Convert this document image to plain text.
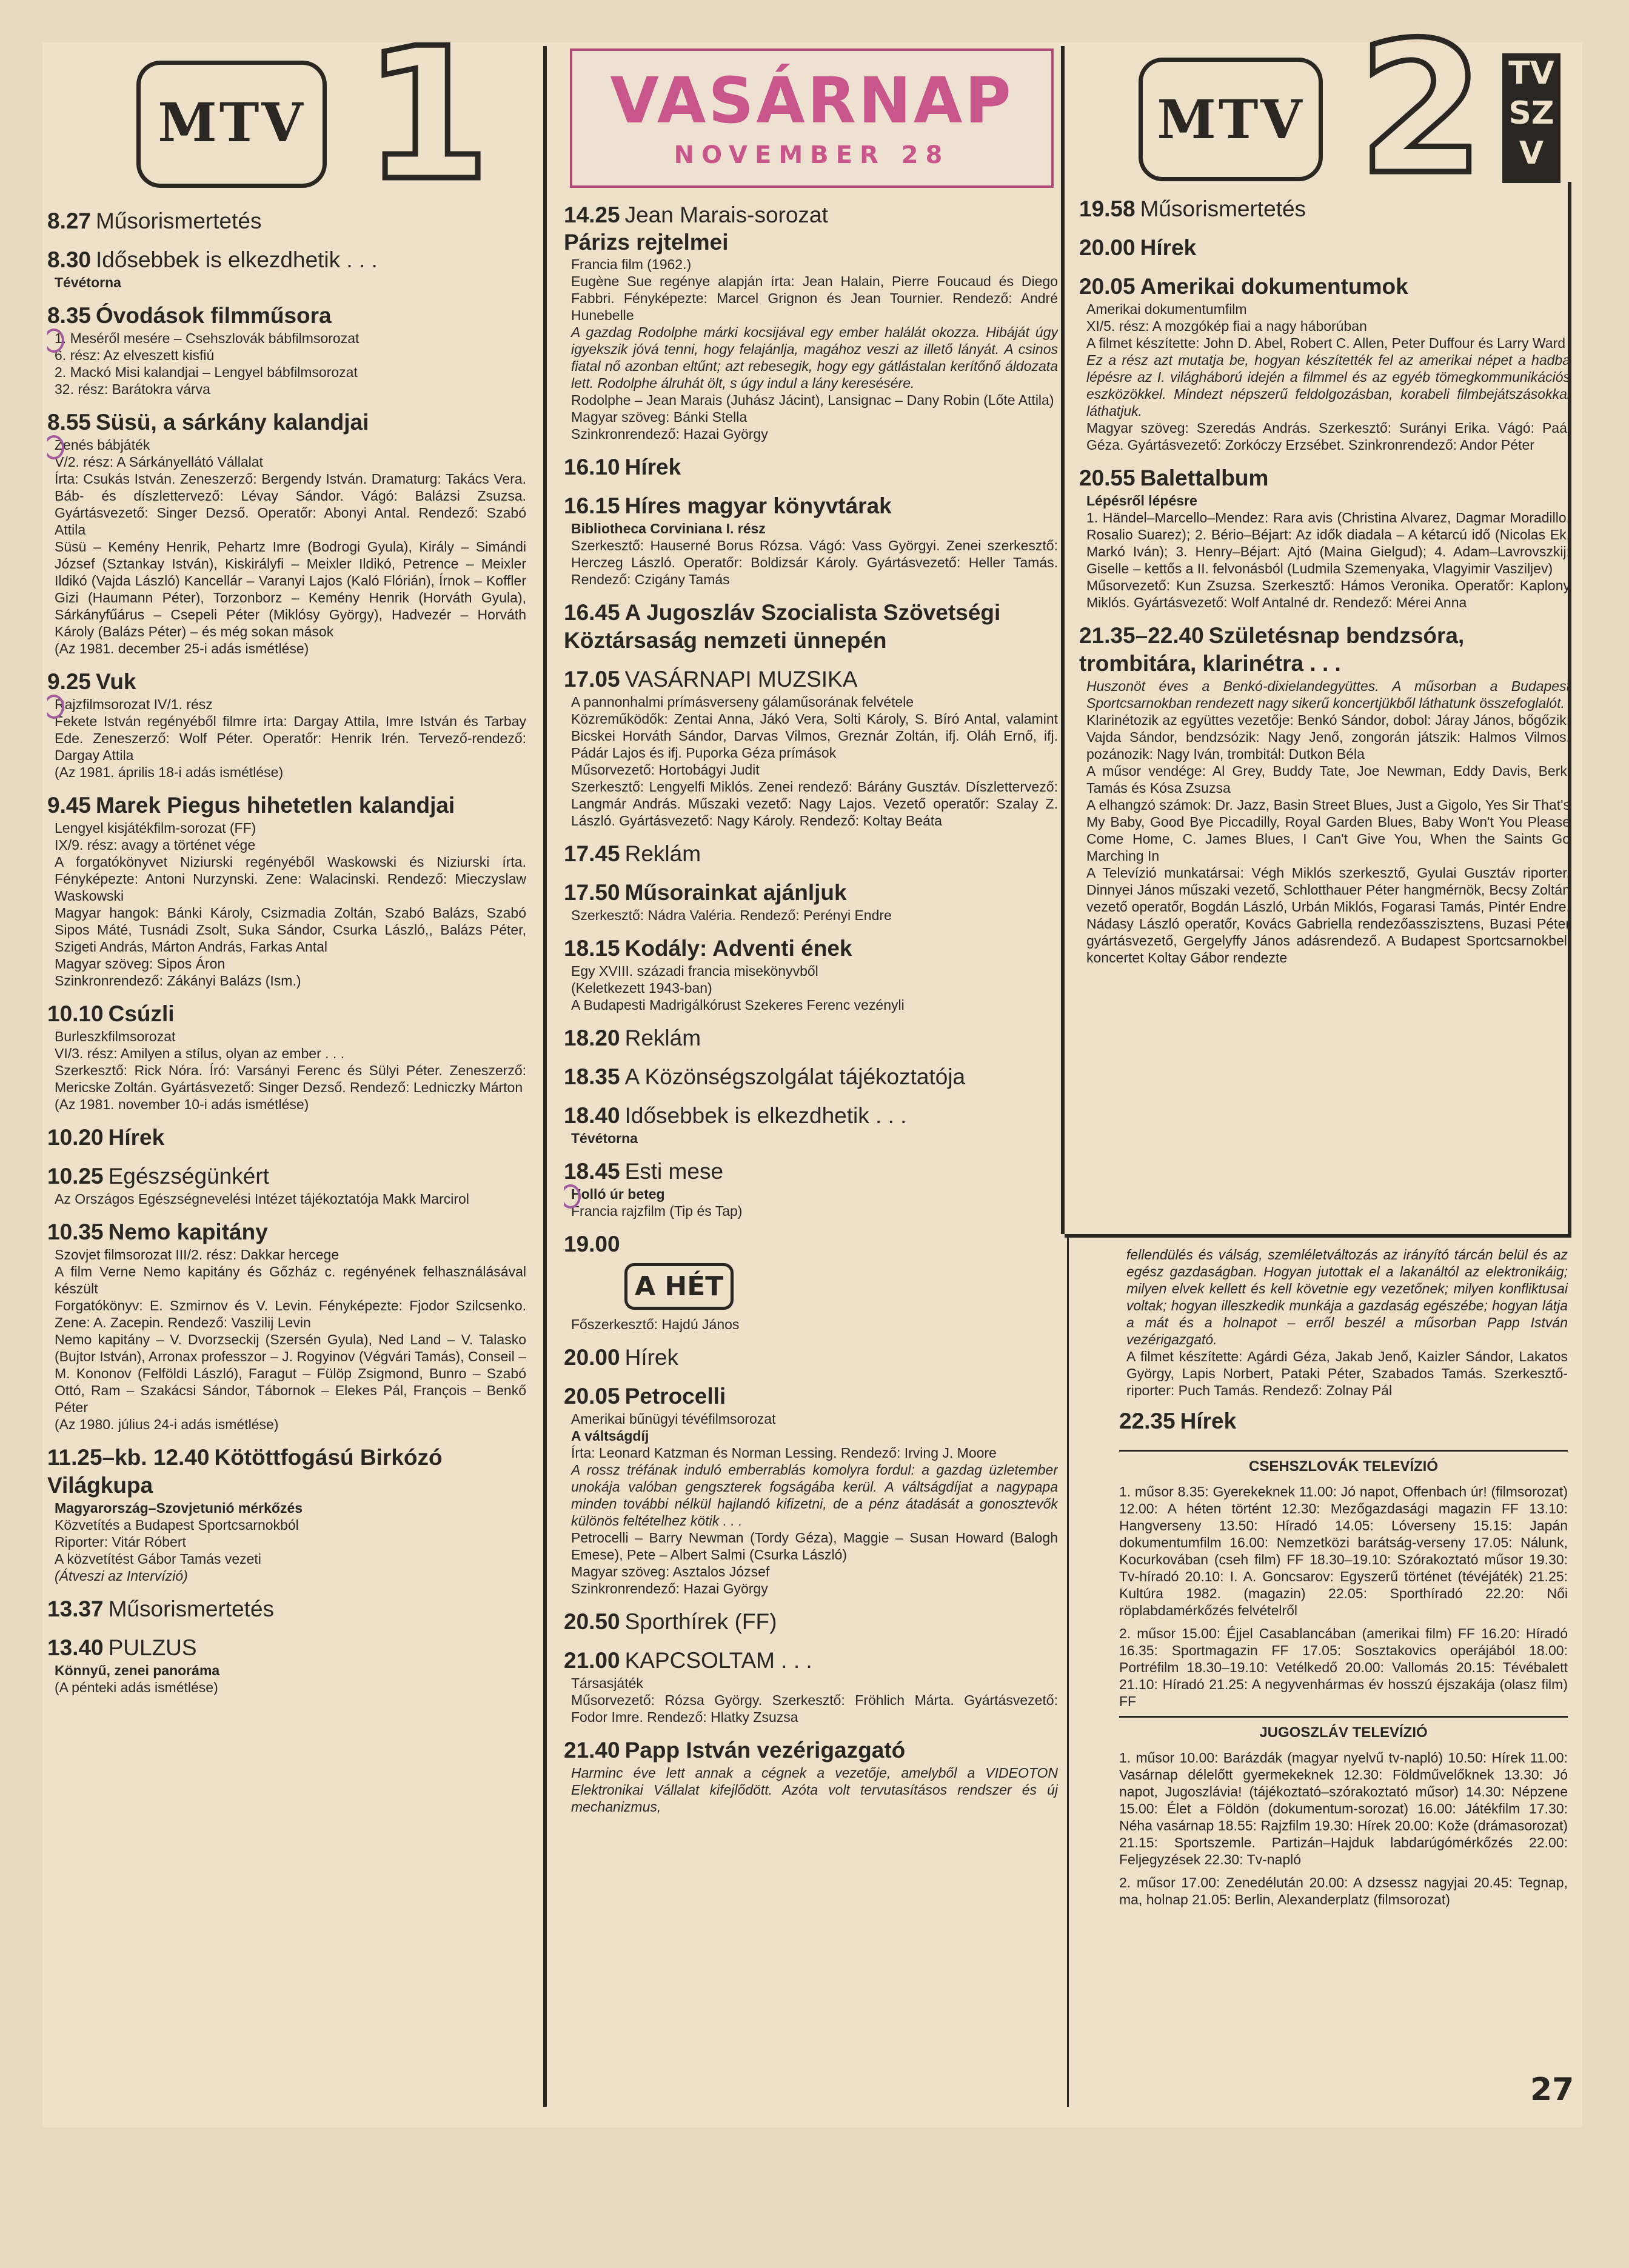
MTV 1	VASÁRNAP
NOVEMBER 28
MTV 2 TV
SZ
V
8.27 Műsorismertetés
8.30 Idősebbek is elkezdhetik . . .
Tévétorna
8.35 Óvodások filmműsora
1. Meséről mesére – Csehszlovák bábfilmsorozat
6. rész: Az elveszett kisfiú
2. Mackó Misi kalandjai – Lengyel bábfilmsorozat
32. rész: Barátokra várva
8.55 Süsü, a sárkány kalandjai
Zenés bábjáték
V/2. rész: A Sárkányellátó Vállalat
Írta: Csukás István. Zeneszerző: Bergendy István. Dramaturg: Takács Vera. Báb- és díszlettervező: Lévay Sándor. Vágó: Balázsi Zsuzsa. Gyártásvezető: Singer Dezső. Operatőr: Abonyi Antal. Rendező: Szabó Attila
Süsü – Kemény Henrik, Pehartz Imre (Bodrogi Gyula), Király – Simándi József (Sztankay István), Kiskirályfi – Meixler Ildikó, Petrence – Meixler Ildikó (Vajda László) Kancellár – Varanyi Lajos (Kaló Flórián), Írnok – Koffler Gizi (Haumann Péter), Torzonborz – Kemény Henrik (Horváth Gyula), Sárkányfűárus – Csepeli Péter (Miklósy György), Hadvezér – Horváth Károly (Balázs Péter) – és még sokan mások
(Az 1981. december 25-i adás ismétlése)
9.25 Vuk
Rajzfilmsorozat IV/1. rész
Fekete István regényéből filmre írta: Dargay Attila, Imre István és Tarbay Ede. Zeneszerző: Wolf Péter. Operatőr: Henrik Irén. Tervező-rendező: Dargay Attila
(Az 1981. április 18-i adás ismétlése)
9.45 Marek Piegus hihetetlen kalandjai
Lengyel kisjátékfilm-sorozat (FF)
IX/9. rész: avagy a történet vége
A forgatókönyvet Niziurski regényéből Waskowski és Niziurski írta. Fényképezte: Antoni Nurzynski. Zene: Walacinski. Rendező: Mieczyslaw Waskowski
Magyar hangok: Bánki Károly, Csizmadia Zoltán, Szabó Balázs, Szabó Sipos Máté, Tusnádi Zsolt, Suka Sándor, Csurka László,, Balázs Péter, Szigeti András, Márton András, Farkas Antal
Magyar szöveg: Sipos Áron
Szinkronrendező: Zákányi Balázs (Ism.)
10.10 Csúzli
Burleszkfilmsorozat
VI/3. rész: Amilyen a stílus, olyan az ember . . .
Szerkesztő: Rick Nóra. Író: Varsányi Ferenc és Sülyi Péter. Zeneszerző: Mericske Zoltán. Gyártásvezető: Singer Dezső. Rendező: Ledniczky Márton
(Az 1981. november 10-i adás ismétlése)
10.20 Hírek
10.25 Egészségünkért
Az Országos Egészségnevelési Intézet tájékoztatója Makk Marcirol
10.35 Nemo kapitány
Szovjet filmsorozat III/2. rész: Dakkar hercege
A film Verne Nemo kapitány és Gőzház c. regényének felhasználásával készült
Forgatókönyv: E. Szmirnov és V. Levin. Fényképezte: Fjodor Szilcsenko. Zene: A. Zacepin. Rendező: Vaszilij Levin
Nemo kapitány – V. Dvorzseckij (Szersén Gyula), Ned Land – V. Talasko (Bujtor István), Arronax professzor – J. Rogyinov (Végvári Tamás), Conseil – M. Kononov (Felföldi László), Faragut – Fülöp Zsigmond, Bunro – Szabó Ottó, Ram – Szakácsi Sándor, Tábornok – Elekes Pál, François – Benkő Péter
(Az 1980. július 24-i adás ismétlése)
11.25–kb. 12.40 Kötöttfogású Birkózó Világkupa
Magyarország–Szovjetunió mérkőzés
Közvetítés a Budapest Sportcsarnokból
Riporter: Vitár Róbert
A közvetítést Gábor Tamás vezeti
(Átveszi az Intervízió)
13.37 Műsorismertetés
13.40 PULZUS
Könnyű, zenei panoráma
(A pénteki adás ismétlése)
14.25 Jean Marais-sorozat
Párizs rejtelmei
Francia film (1962.)
Eugène Sue regénye alapján írta: Jean Halain, Pierre Foucaud és Diego Fabbri. Fényképezte: Marcel Grignon és Jean Tournier. Rendező: André Hunebelle
A gazdag Rodolphe márki kocsijával egy ember halálát okozza. Hibáját úgy igyekszik jóvá tenni, hogy felajánlja, magához veszi az illető lányát. A csinos fiatal nő azonban eltűnt; azt rebesegik, hogy egy gátlástalan kerítőnő áldozata lett. Rodolphe álruhát ölt, s úgy indul a lány keresésére.
Rodolphe – Jean Marais (Juhász Jácint), Lansignac – Dany Robin (Lőte Attila)
Magyar szöveg: Bánki Stella
Szinkronrendező: Hazai György
16.10 Hírek
16.15 Híres magyar könyvtárak
Bibliotheca Corviniana I. rész
Szerkesztő: Hauserné Borus Rózsa. Vágó: Vass Györgyi. Zenei szerkesztő: Herczeg László. Operatőr: Boldizsár Károly. Gyártásvezető: Heller Tamás. Rendező: Czigány Tamás
16.45 A Jugoszláv Szocialista Szövetségi Köztársaság nemzeti ünnepén
17.05 VASÁRNAPI MUZSIKA
A pannonhalmi prímásverseny gálaműsorának felvétele
Közreműködők: Zentai Anna, Jákó Vera, Solti Károly, S. Bíró Antal, valamint Bicskei Horváth Sándor, Darvas Vilmos, Greznár Zoltán, ifj. Oláh Ernő, ifj. Pádár Lajos és ifj. Puporka Géza prímások
Műsorvezető: Hortobágyi Judit
Szerkesztő: Lengyelfi Miklós. Zenei rendező: Bárány Gusztáv. Díszlettervező: Langmár András. Műszaki vezető: Nagy Lajos. Vezető operatőr: Szalay Z. László. Gyártásvezető: Nagy Károly. Rendező: Koltay Beáta
17.45 Reklám
17.50 Műsorainkat ajánljuk
Szerkesztő: Nádra Valéria. Rendező: Perényi Endre
18.15 Kodály: Adventi ének
Egy XVIII. századi francia misekönyvből
(Keletkezett 1943-ban)
A Budapesti Madrigálkórust Szekeres Ferenc vezényli
18.20 Reklám
18.35 A Közönségszolgálat tájékoztatója
18.40 Idősebbek is elkezdhetik . . .
Tévétorna
18.45 Esti mese
Holló úr beteg
Francia rajzfilm (Tip és Tap)
19.00
A HÉT
Főszerkesztő: Hajdú János
20.00 Hírek
20.05 Petrocelli
Amerikai bűnügyi tévéfilmsorozat
A váltságdíj
Írta: Leonard Katzman és Norman Lessing. Rendező: Irving J. Moore
A rossz tréfának induló emberrablás komolyra fordul: a gazdag üzletember unokája valóban gengszterek fogságába kerül. A váltságdíjat a nagypapa minden további nélkül hajlandó kifizetni, de a pénz átadását a gonosztevők különös feltételhez kötik . . .
Petrocelli – Barry Newman (Tordy Géza), Maggie – Susan Howard (Balogh Emese), Pete – Albert Salmi (Csurka László)
Magyar szöveg: Asztalos József
Szinkronrendező: Hazai György
20.50 Sporthírek (FF)
21.00 KAPCSOLTAM . . .
Társasjáték
Műsorvezető: Rózsa György. Szerkesztő: Fröhlich Márta. Gyártásvezető: Fodor Imre. Rendező: Hlatky Zsuzsa
21.40 Papp István vezérigazgató
Harminc éve lett annak a cégnek a vezetője, amelyből a VIDEOTON Elektronikai Vállalat kifejlődött. Azóta volt tervutasításos rendszer és új mechanizmus,
19.58 Műsorismertetés
20.00 Hírek
20.05 Amerikai dokumentumok
Amerikai dokumentumfilm
XI/5. rész: A mozgókép fiai a nagy háborúban
A filmet készítette: John D. Abel, Robert C. Allen, Peter Duffour és Larry Ward
Ez a rész azt mutatja be, hogyan készítették fel az amerikai népet a hadba lépésre az I. világháború idején a filmmel és az egyéb tömegkommunikációs eszközökkel. Mindezt népszerű feldolgozásban, korabeli filmbejátszásokkal láthatjuk.
Magyar szöveg: Szeredás András. Szerkesztő: Surányi Erika. Vágó: Paál Géza. Gyártásvezető: Zorkóczy Erzsébet. Szinkronrendező: Andor Péter
20.55 Balettalbum
Lépésről lépésre
1. Händel–Marcello–Mendez: Rara avis (Christina Alvarez, Dagmar Moradillo, Rosalio Suarez); 2. Bério–Béjart: Az idők diadala – A kétarcú idő (Nicolas Ek, Markó Iván); 3. Henry–Béjart: Ajtó (Maina Gielgud); 4. Adam–Lavrovszkij: Giselle – kettős a II. felvonásból (Ludmila Szemenyaka, Vlagyimir Vasziljev)
Műsorvezető: Kun Zsuzsa. Szerkesztő: Hámos Veronika. Operatőr: Kaplony Miklós. Gyártásvezető: Wolf Antalné dr. Rendező: Mérei Anna
21.35–22.40 Születésnap bendzsóra, trombitára, klarinétra . . .
Huszonöt éves a Benkó-dixielandegyüttes. A műsorban a Budapest Sportcsarnokban rendezett nagy sikerű koncertjükből láthatunk összefoglalót.
Klarinétozik az együttes vezetője: Benkó Sándor, dobol: Járay János, bőgőzik: Vajda Sándor, bendzsózik: Nagy Jenő, zongorán játszik: Halmos Vilmos, pozánozik: Nagy Iván, trombitál: Dutkon Béla
A műsor vendége: Al Grey, Buddy Tate, Joe Newman, Eddy Davis, Berki Tamás és Kósa Zsuzsa
A elhangzó számok: Dr. Jazz, Basin Street Blues, Just a Gigolo, Yes Sir That's My Baby, Good Bye Piccadilly, Royal Garden Blues, Baby Won't You Please Come Home, C. James Blues, I Can't Give You, When the Saints Go Marching In
A Televízió munkatársai: Végh Miklós szerkesztő, Gyulai Gusztáv riporter, Dinnyei János műszaki vezető, Schlotthauer Péter hangmérnök, Becsy Zoltán vezető operatőr, Bogdán László, Urbán Miklós, Fogarasi Tamás, Pintér Endre, Nádasy László operatőr, Kovács Gabriella rendezőasszisztens, Buzasi Péter gyártásvezető, Gergelyffy János adásrendező. A Budapest Sportcsarnokbeli koncertet Koltay Gábor rendezte
fellendülés és válság, szemléletváltozás az irányító tárcán belül és az egész gazdaságban. Hogyan jutottak el a lakanáltól az elektronikáig; milyen elvek kellett és kell követnie egy vezetőnek; milyen konfliktusai voltak; hogyan illeszkedik munkája a gazdaság egészébe; hogyan látja a mát és a holnapot – erről beszél a műsorban Papp István vezérigazgató.
A filmet készítette: Agárdi Géza, Jakab Jenő, Kaizler Sándor, Lakatos György, Lapis Norbert, Pataki Péter, Szabados Tamás. Szerkesztő-riporter: Puch Tamás. Rendező: Zolnay Pál
22.35 Hírek
CSEHSZLOVÁK TELEVÍZIÓ
1. műsor 8.35: Gyerekeknek 11.00: Jó napot, Offenbach úr! (filmsorozat) 12.00: A héten történt 12.30: Mezőgazdasági magazin FF 13.10: Hangverseny 13.50: Híradó 14.05: Lóverseny 15.15: Japán dokumentumfilm 16.00: Nemzetközi barátság-verseny 17.05: Nálunk, Kocurkovában (cseh film) FF 18.30–19.10: Szórakoztató műsor 19.30: Tv-híradó 20.10: I. A. Goncsarov: Egyszerű történet (tévéjáték) 21.25: Kultúra 1982. (magazin) 22.05: Sporthíradó 22.20: Női röplabdamérkőzés felvételről
2. műsor 15.00: Éjjel Casablancában (amerikai film) FF 16.20: Híradó 16.35: Sportmagazin FF 17.05: Sosztakovics operájából 18.00: Portréfilm 18.30–19.10: Vetélkedő 20.00: Vallomás 20.15: Tévébalett 21.10: Híradó 21.25: A negyvenhármas év hosszú éjszakája (olasz film) FF
JUGOSZLÁV TELEVÍZIÓ
1. műsor 10.00: Barázdák (magyar nyelvű tv-napló) 10.50: Hírek 11.00: Vasárnap délelőtt gyermekeknek 12.30: Földművelőknek 13.30: Jó napot, Jugoszlávia! (tájékoztató–szórakoztató műsor) 14.30: Népzene 15.00: Élet a Földön (dokumentum-sorozat) 16.00: Játékfilm 17.30: Néha vasárnap 18.55: Rajzfilm 19.30: Hírek 20.00: Kože (drámasorozat) 21.15: Sportszemle. Partizán–Hajduk labdarúgómérkőzés 22.00: Feljegyzések 22.30: Tv-napló
2. műsor 17.00: Zenedélután 20.00: A dzsessz nagyjai 20.45: Tegnap, ma, holnap 21.05: Berlin, Alexanderplatz (filmsorozat)
27
